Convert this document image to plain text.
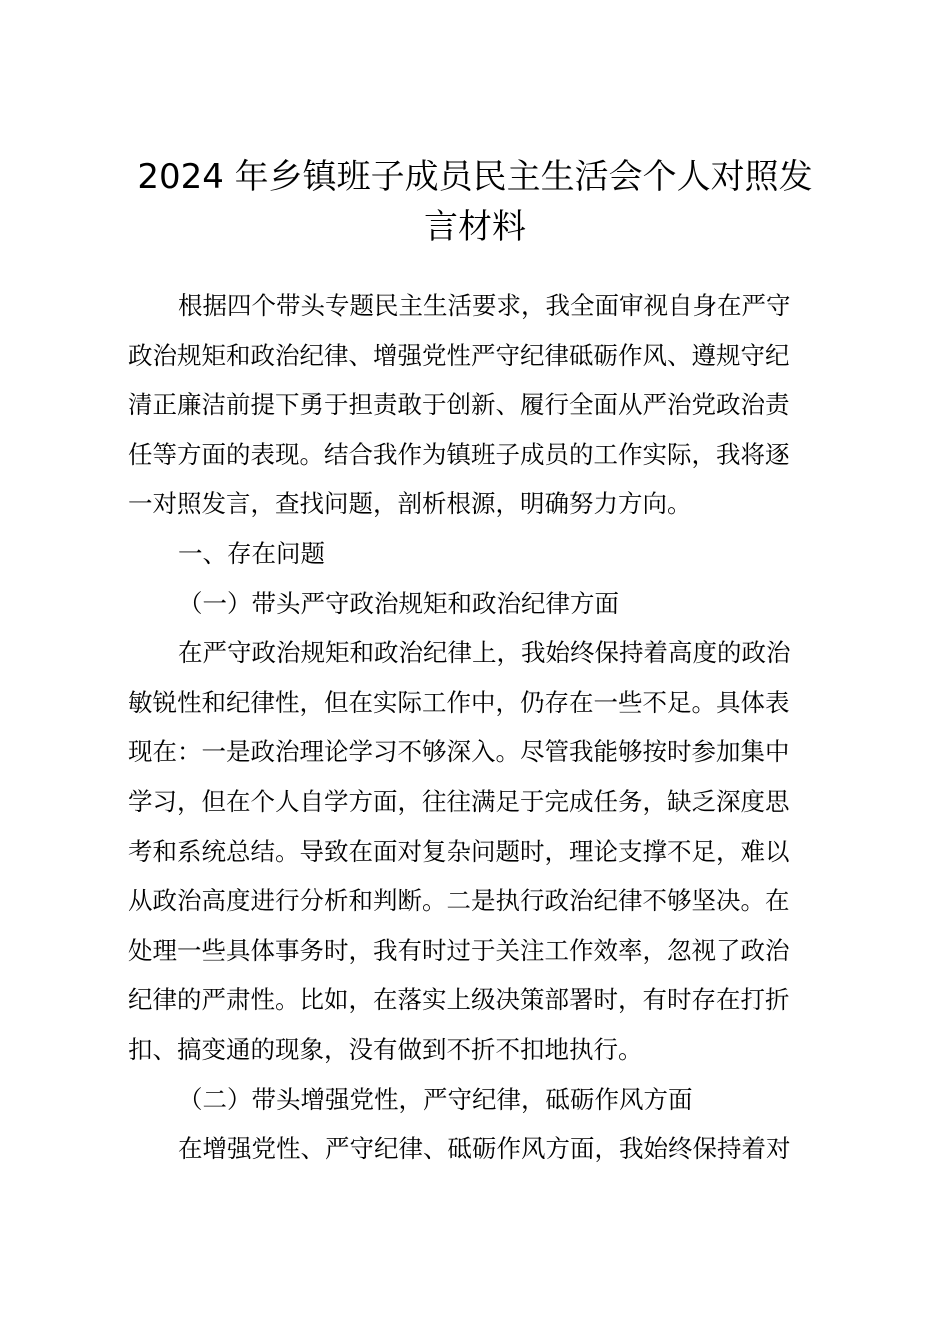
2024 年乡镇班子成员民主生活会个人对照发
言材料
根据四个带头专题民主生活要求，我全面审视自身在严守
政治规矩和政治纪律、增强党性严守纪律砥砺作风、遵规守纪
清正廉洁前提下勇于担责敢于创新、履行全面从严治党政治责
任等方面的表现。结合我作为镇班子成员的工作实际，我将逐
一对照发言，查找问题，剖析根源，明确努力方向。
一、存在问题
（一）带头严守政治规矩和政治纪律方面
在严守政治规矩和政治纪律上，我始终保持着高度的政治
敏锐性和纪律性，但在实际工作中，仍存在一些不足。具体表
现在：一是政治理论学习不够深入。尽管我能够按时参加集中
学习，但在个人自学方面，往往满足于完成任务，缺乏深度思
考和系统总结。导致在面对复杂问题时，理论支撑不足，难以
从政治高度进行分析和判断。二是执行政治纪律不够坚决。在
处理一些具体事务时，我有时过于关注工作效率，忽视了政治
纪律的严肃性。比如，在落实上级决策部署时，有时存在打折
扣、搞变通的现象，没有做到不折不扣地执行。
（二）带头增强党性，严守纪律，砥砺作风方面
在增强党性、严守纪律、砥砺作风方面，我始终保持着对
